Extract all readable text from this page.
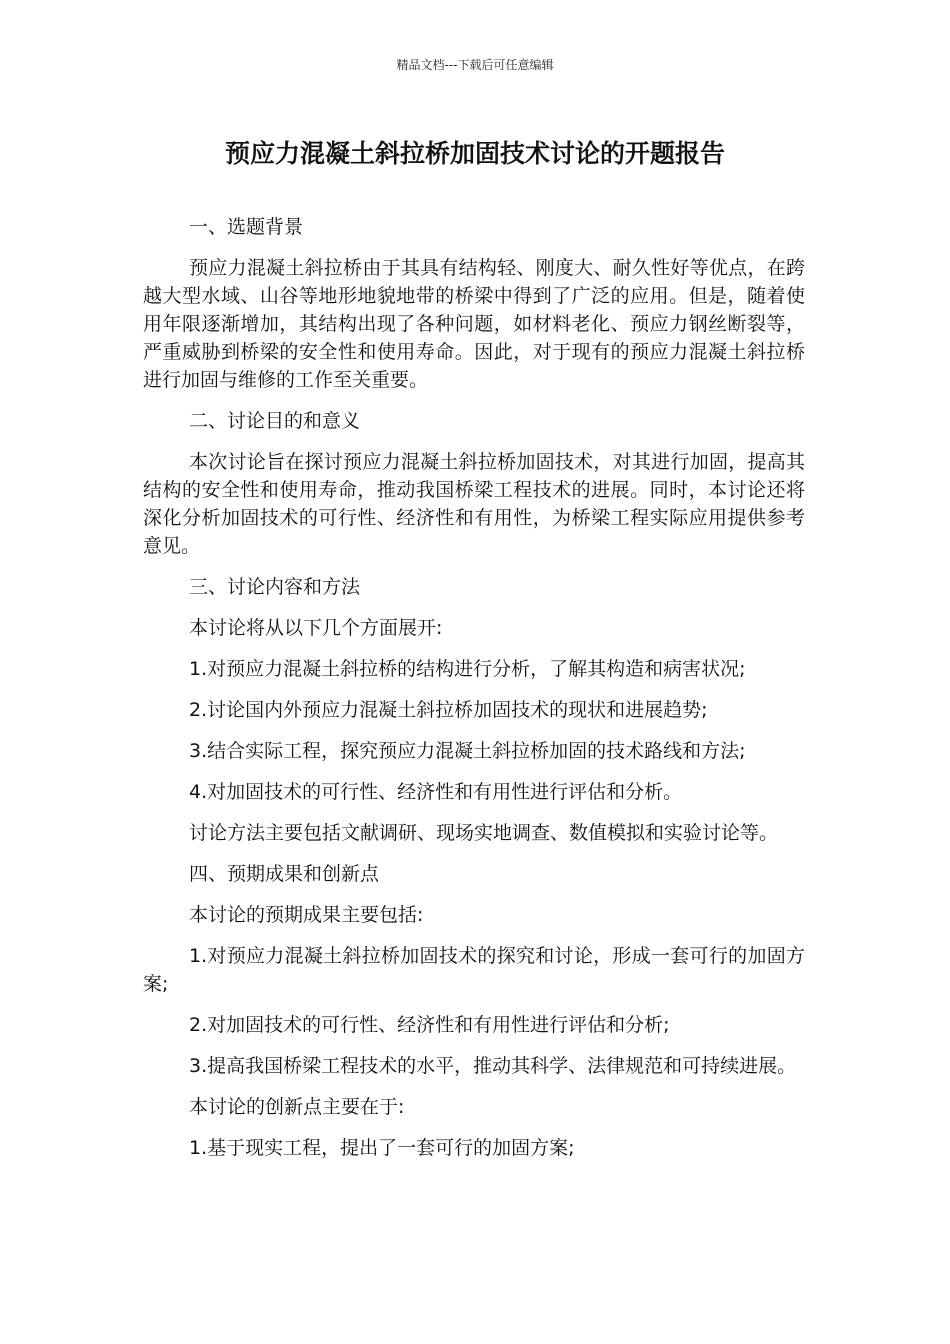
精品文档---下载后可任意编辑
预应力混凝土斜拉桥加固技术讨论的开题报告

一、选题背景

预应力混凝土斜拉桥由于其具有结构轻、刚度大、耐久性好等优点，在跨越大型水域、山谷等地形地貌地带的桥梁中得到了广泛的应用。但是，随着使用年限逐渐增加，其结构出现了各种问题，如材料老化、预应力钢丝断裂等，严重威胁到桥梁的安全性和使用寿命。因此，对于现有的预应力混凝土斜拉桥进行加固与维修的工作至关重要。

二、讨论目的和意义

本次讨论旨在探讨预应力混凝土斜拉桥加固技术，对其进行加固，提高其结构的安全性和使用寿命，推动我国桥梁工程技术的进展。同时，本讨论还将深化分析加固技术的可行性、经济性和有用性，为桥梁工程实际应用提供参考意见。

三、讨论内容和方法

本讨论将从以下几个方面展开:

1.对预应力混凝土斜拉桥的结构进行分析，了解其构造和病害状况;

2.讨论国内外预应力混凝土斜拉桥加固技术的现状和进展趋势;

3.结合实际工程，探究预应力混凝土斜拉桥加固的技术路线和方法;

4.对加固技术的可行性、经济性和有用性进行评估和分析。

讨论方法主要包括文献调研、现场实地调查、数值模拟和实验讨论等。

四、预期成果和创新点

本讨论的预期成果主要包括:

1.对预应力混凝土斜拉桥加固技术的探究和讨论，形成一套可行的加固方案;

2.对加固技术的可行性、经济性和有用性进行评估和分析;

3.提高我国桥梁工程技术的水平，推动其科学、法律规范和可持续进展。

本讨论的创新点主要在于:

1.基于现实工程，提出了一套可行的加固方案;
